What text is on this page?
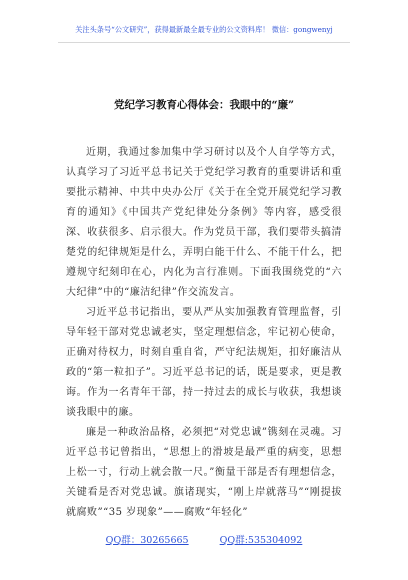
关注头条号“公文研究”，获得最新最全最专业的公文资料库！ 微信：gongwenyj
党纪学习教育心得体会：我眼中的“廉”

近期，我通过参加集中学习研讨以及个人自学等方式，认真学习了习近平总书记关于党纪学习教育的重要讲话和重要批示精神、中共中央办公厅《关于在全党开展党纪学习教育的通知》《中国共产党纪律处分条例》等内容，感受很深、收获很多、启示很大。作为党员干部，我们要带头搞清楚党的纪律规矩是什么，弄明白能干什么、不能干什么，把遵规守纪刻印在心，内化为言行准则。下面我围绕党的“六大纪律”中的“廉洁纪律”作交流发言。

习近平总书记指出，要从严从实加强教育管理监督，引导年轻干部对党忠诚老实，坚定理想信念，牢记初心使命，正确对待权力，时刻自重自省，严守纪法规矩，扣好廉洁从政的“第一粒扣子”。习近平总书记的话，既是要求，更是教诲。作为一名青年干部，持一持过去的成长与收获，我想谈谈我眼中的廉。

廉是一种政治品格，必须把“对党忠诚”镌刻在灵魂。习近平总书记曾指出，“思想上的滑坡是最严重的病变，思想上松一寸，行动上就会散一尺。”衡量干部是否有理想信念，关键看是否对党忠诚。旗诸现实，“刚上岸就落马”“刚提拔就腐败”“35 岁现象”——腐败“年轻化”

QQ群：30265665	QQ群:535304092
